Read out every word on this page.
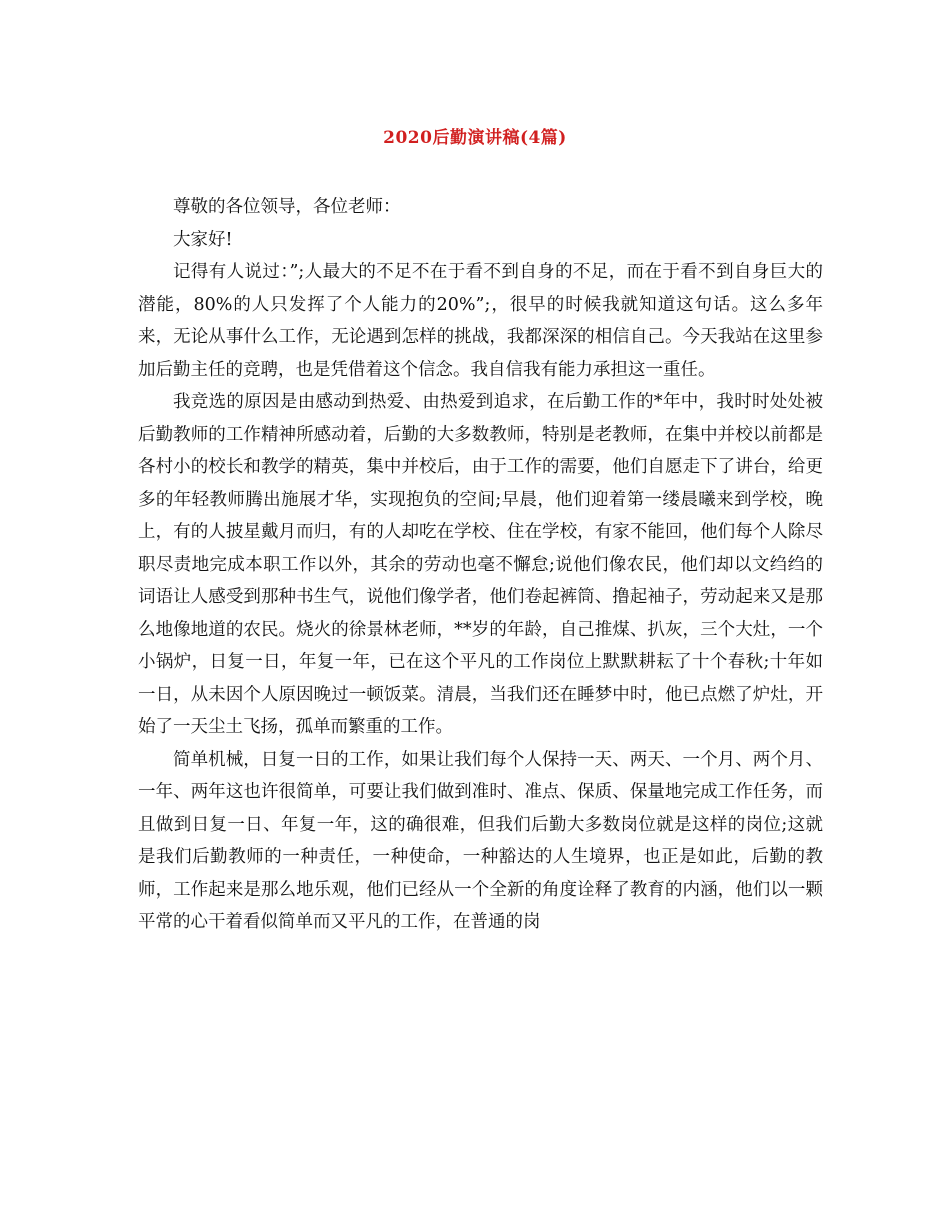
2020后勤演讲稿(4篇)

尊敬的各位领导，各位老师：

大家好!

记得有人说过：”;人最大的不足不在于看不到自身的不足，而在于看不到自身巨大的潜能，80%的人只发挥了个人能力的20%”;，很早的时候我就知道这句话。这么多年来，无论从事什么工作，无论遇到怎样的挑战，我都深深的相信自己。今天我站在这里参加后勤主任的竞聘，也是凭借着这个信念。我自信我有能力承担这一重任。

我竞选的原因是由感动到热爱、由热爱到追求，在后勤工作的*年中，我时时处处被后勤教师的工作精神所感动着，后勤的大多数教师，特别是老教师，在集中并校以前都是各村小的校长和教学的精英，集中并校后，由于工作的需要，他们自愿走下了讲台，给更多的年轻教师腾出施展才华，实现抱负的空间;早晨，他们迎着第一缕晨曦来到学校，晚上，有的人披星戴月而归，有的人却吃在学校、住在学校，有家不能回，他们每个人除尽职尽责地完成本职工作以外，其余的劳动也毫不懈怠;说他们像农民，他们却以文绉绉的词语让人感受到那种书生气，说他们像学者，他们卷起裤筒、撸起袖子，劳动起来又是那么地像地道的农民。烧火的徐景林老师，**岁的年龄，自己推煤、扒灰，三个大灶，一个小锅炉，日复一日，年复一年，已在这个平凡的工作岗位上默默耕耘了十个春秋;十年如一日，从未因个人原因晚过一顿饭菜。清晨，当我们还在睡梦中时，他已点燃了炉灶，开始了一天尘土飞扬，孤单而繁重的工作。

简单机械，日复一日的工作，如果让我们每个人保持一天、两天、一个月、两个月、一年、两年这也许很简单，可要让我们做到准时、准点、保质、保量地完成工作任务，而且做到日复一日、年复一年，这的确很难，但我们后勤大多数岗位就是这样的岗位;这就是我们后勤教师的一种责任，一种使命，一种豁达的人生境界，也正是如此，后勤的教师，工作起来是那么地乐观，他们已经从一个全新的角度诠释了教育的内涵，他们以一颗平常的心干着看似简单而又平凡的工作，在普通的岗
